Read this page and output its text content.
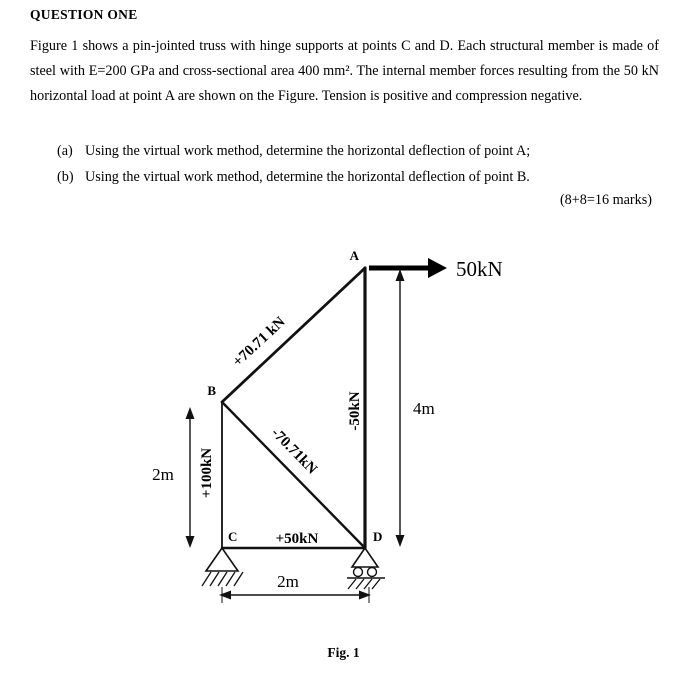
QUESTION ONE
Figure 1 shows a pin-jointed truss with hinge supports at points C and D. Each structural member is made of steel with E=200 GPa and cross-sectional area 400 mm². The internal member forces resulting from the 50 kN horizontal load at point A are shown on the Figure. Tension is positive and compression negative.
(a) Using the virtual work method, determine the horizontal deflection of point A;
(b) Using the virtual work method, determine the horizontal deflection of point B.
(8+8=16 marks)
50kN
A
B
C	D
+70.71 kN
-50kN
-70.71kN
+100kN
+50kN
4m
2m
2m
Fig. 1
